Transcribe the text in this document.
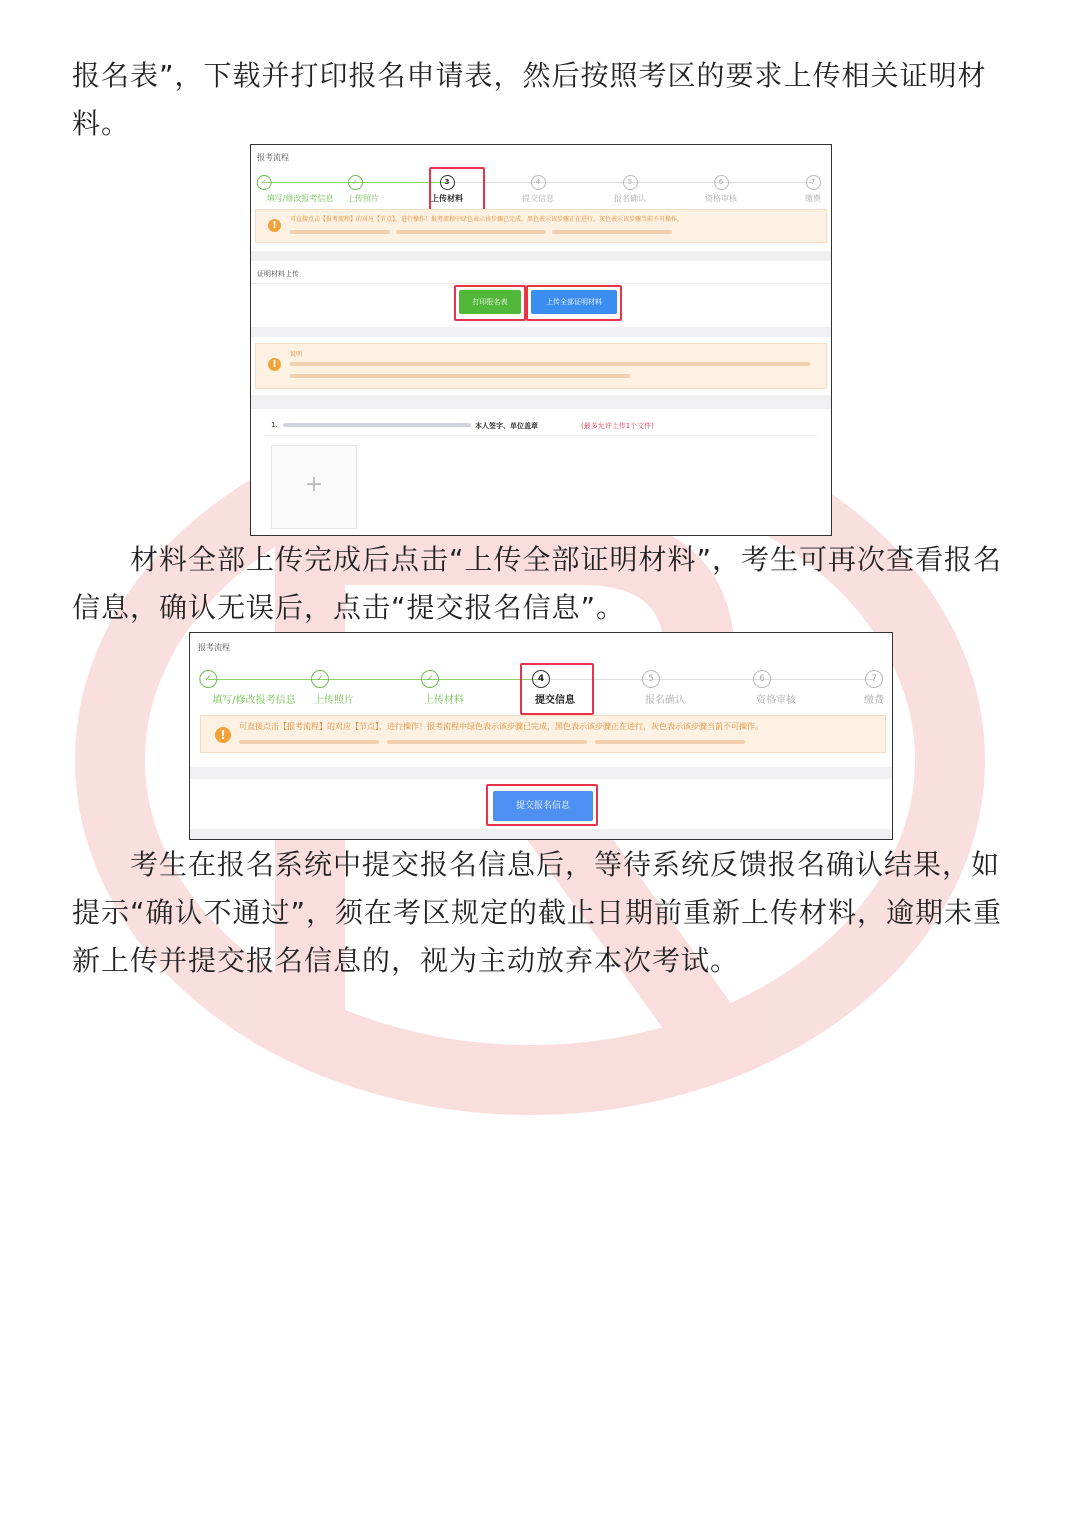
报名表”，下载并打印报名申请表，然后按照考区的要求上传相关证明材料。
报考流程
✓
填写/修改报考信息
✓
上传照片
3
上传材料
4
提交信息
5
报名确认
6
资格审核
7
缴费
!
可直接点击【报考流程】的对应【节点】，进行操作！报考流程中绿色表示该步骤已完成，黑色表示该步骤正在进行，灰色表示该步骤当前不可操作。
证明材料上传
打印报名表	上传全部证明材料
!
说明
1.	本人签字、单位盖章	(最多允许上传1个文件)
+
材料全部上传完成后点击“上传全部证明材料”，考生可再次查看报名信息，确认无误后，点击“提交报名信息”。
报考流程
✓
填写/修改报考信息
✓
上传照片
✓
上传材料
4
提交信息
5
报名确认
6
资格审核
7
缴费
!
可直接点击【报考流程】的对应【节点】，进行操作！报考流程中绿色表示该步骤已完成，黑色表示该步骤正在进行，灰色表示该步骤当前不可操作。
提交报名信息
考生在报名系统中提交报名信息后，等待系统反馈报名确认结果，如提示“确认不通过”，须在考区规定的截止日期前重新上传材料，逾期未重新上传并提交报名信息的，视为主动放弃本次考试。
